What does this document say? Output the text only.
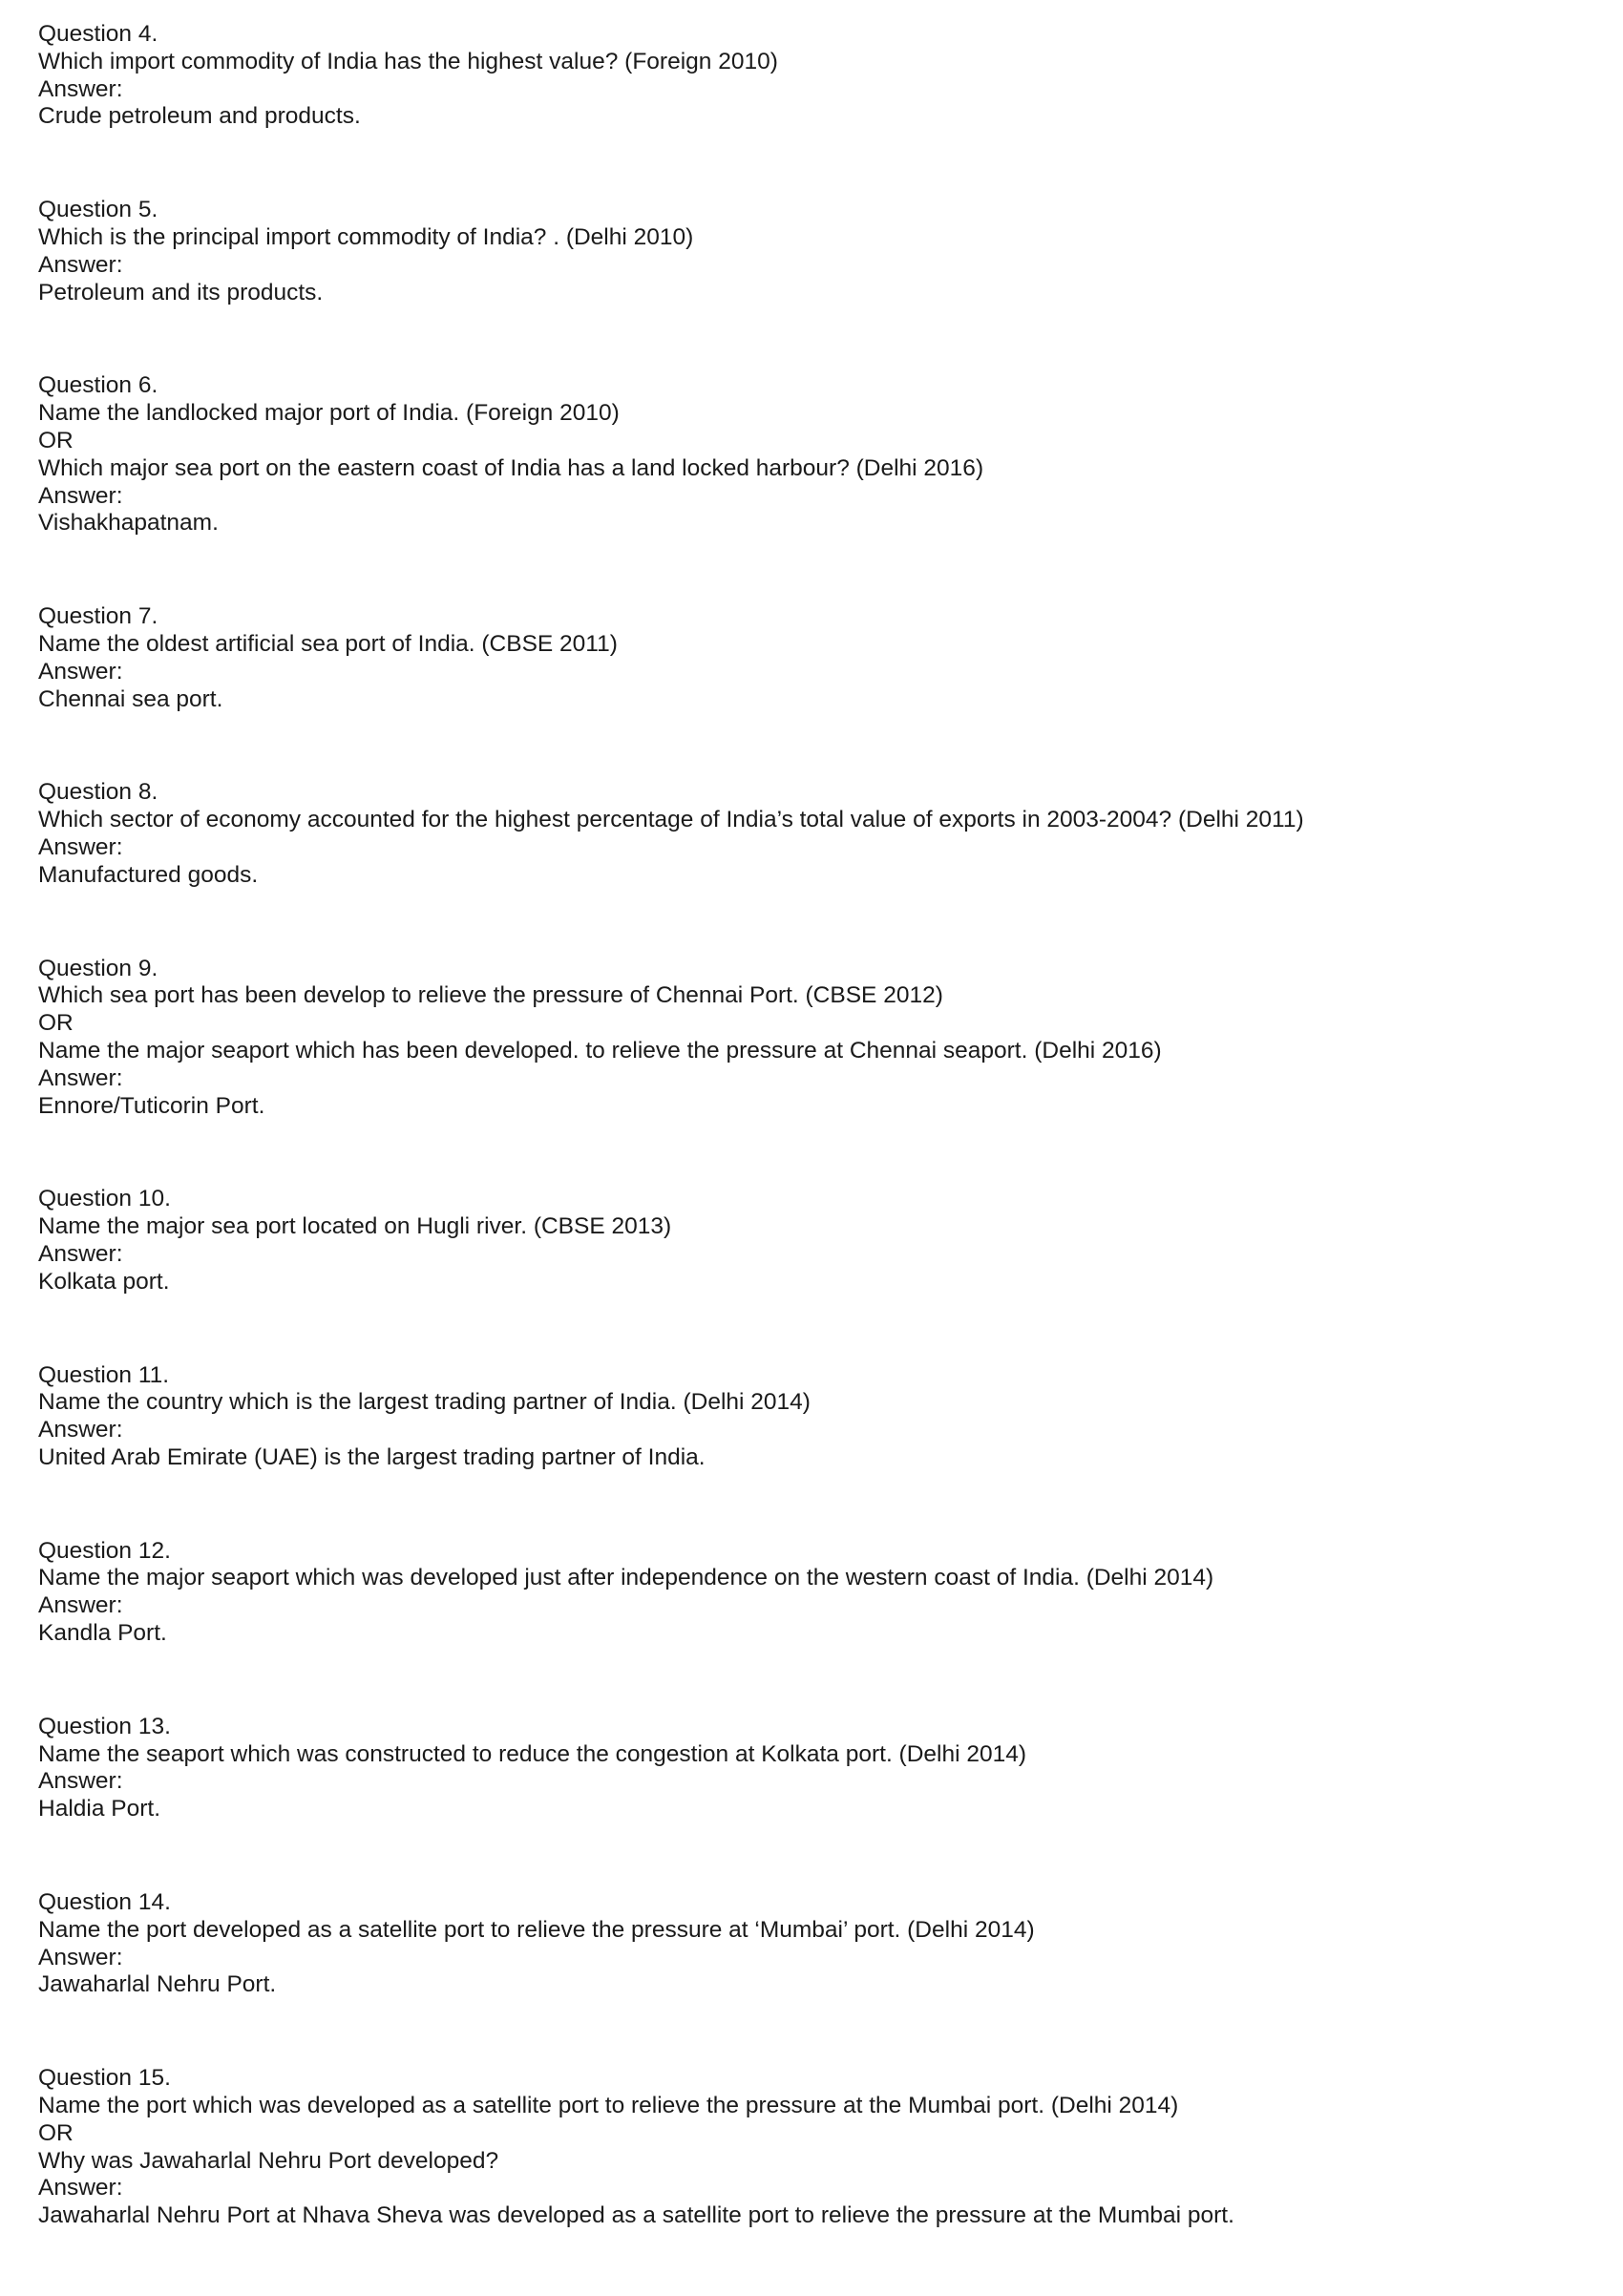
Question 4.
Which import commodity of India has the highest value? (Foreign 2010)
Answer:
Crude petroleum and products.
Question 5.
Which is the principal import commodity of India? . (Delhi 2010)
Answer:
Petroleum and its products.
Question 6.
Name the landlocked major port of India. (Foreign 2010)
OR
Which major sea port on the eastern coast of India has a land locked harbour? (Delhi 2016)
Answer:
Vishakhapatnam.
Question 7.
Name the oldest artificial sea port of India. (CBSE 2011)
Answer:
Chennai sea port.
Question 8.
Which sector of economy accounted for the highest percentage of India’s total value of exports in 2003-2004? (Delhi 2011)
Answer:
Manufactured goods.
Question 9.
Which sea port has been develop to relieve the pressure of Chennai Port. (CBSE 2012)
OR
Name the major seaport which has been developed. to relieve the pressure at Chennai seaport. (Delhi 2016)
Answer:
Ennore/Tuticorin Port.
Question 10.
Name the major sea port located on Hugli river. (CBSE 2013)
Answer:
Kolkata port.
Question 11.
Name the country which is the largest trading partner of India. (Delhi 2014)
Answer:
United Arab Emirate (UAE) is the largest trading partner of India.
Question 12.
Name the major seaport which was developed just after independence on the western coast of India. (Delhi 2014)
Answer:
Kandla Port.
Question 13.
Name the seaport which was constructed to reduce the congestion at Kolkata port. (Delhi 2014)
Answer:
Haldia Port.
Question 14.
Name the port developed as a satellite port to relieve the pressure at ‘Mumbai’ port. (Delhi 2014)
Answer:
Jawaharlal Nehru Port.
Question 15.
Name the port which was developed as a satellite port to relieve the pressure at the Mumbai port. (Delhi 2014)
OR
Why was Jawaharlal Nehru Port developed?
Answer:
Jawaharlal Nehru Port at Nhava Sheva was developed as a satellite port to relieve the pressure at the Mumbai port.
